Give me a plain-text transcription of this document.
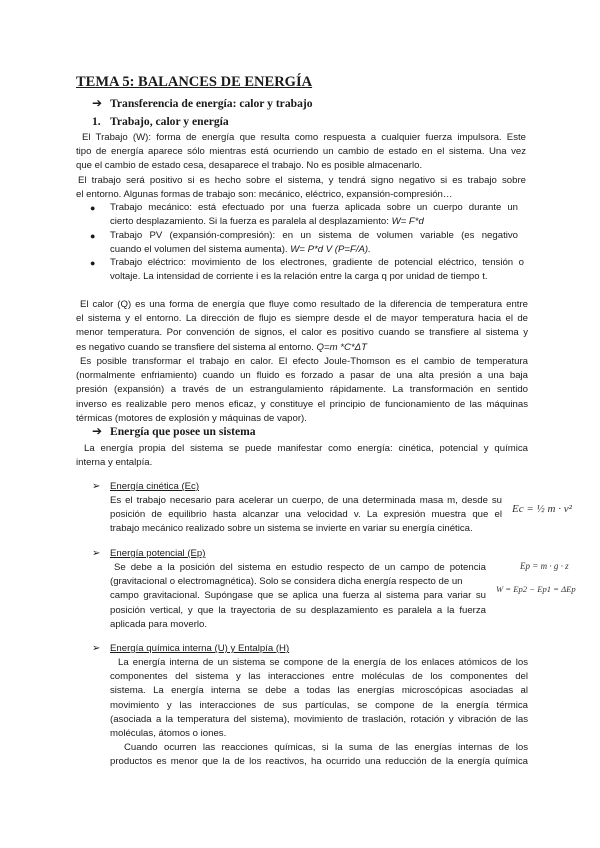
TEMA 5: BALANCES DE ENERGÍA
➔ Transferencia de energía: calor y trabajo
1. Trabajo, calor y energía
El Trabajo (W): forma de energía que resulta como respuesta a cualquier fuerza impulsora. Este
tipo de energía aparece sólo mientras está ocurriendo un cambio de estado en el sistema. Una vez
que el cambio de estado cesa, desaparece el trabajo. No es posible almacenarlo.
El trabajo será positivo si es hecho sobre el sistema, y tendrá signo negativo si es trabajo sobre
el entorno. Algunas formas de trabajo son: mecánico, eléctrico, expansión-compresión…
● Trabajo mecánico: está efectuado por una fuerza aplicada sobre un cuerpo durante un
cierto desplazamiento. Si la fuerza es paralela al desplazamiento: W= F*d
● Trabajo PV (expansión-compresión): en un sistema de volumen variable (es negativo
cuando el volumen del sistema aumenta). W= P*d V (P=F/A).
● Trabajo eléctrico: movimiento de los electrones, gradiente de potencial eléctrico, tensión o
voltaje. La intensidad de corriente i es la relación entre la carga q por unidad de tiempo t.
El calor (Q) es una forma de energía que fluye como resultado de la diferencia de temperatura entre
el sistema y el entorno. La dirección de flujo es siempre desde el de mayor temperatura hacia el de
menor temperatura. Por convención de signos, el calor es positivo cuando se transfiere al sistema y
es negativo cuando se transfiere del sistema al entorno. Q=m *C*ΔT
Es posible transformar el trabajo en calor. El efecto Joule-Thomson es el cambio de temperatura
(normalmente enfriamiento) cuando un fluido es forzado a pasar de una alta presión a una baja
presión (expansión) a través de un estrangulamiento rápidamente. La transformación en sentido
inverso es realizable pero menos eficaz, y constituye el principio de funcionamiento de las máquinas
térmicas (motores de explosión y máquinas de vapor).
➔ Energía que posee un sistema
La energía propia del sistema se puede manifestar como energía: cinética, potencial y química
interna y entalpía.
➢ Energía cinética (Ec)
Es el trabajo necesario para acelerar un cuerpo, de una determinada masa m, desde su
posición de equilibrio hasta alcanzar una velocidad v. La expresión muestra que el
trabajo mecánico realizado sobre un sistema se invierte en variar su energía cinética.
Ec = ½ m · v²
➢ Energía potencial (Ep)
Se debe a la posición del sistema en estudio respecto de un campo de potencia
(gravitacional o electromagnética). Solo se considera dicha energía respecto de un
campo gravitacional. Supóngase que se aplica una fuerza al sistema para variar su
posición vertical, y que la trayectoria de su desplazamiento es paralela a la fuerza
aplicada para moverlo.
Ep = m · g · z
W = Ep2 − Ep1 = ΔEp
➢ Energía química interna (U) y Entalpía (H)
La energía interna de un sistema se compone de la energía de los enlaces atómicos de los
componentes del sistema y las interacciones entre moléculas de los componentes del
sistema. La energía interna se debe a todas las energías microscópicas asociadas al
movimiento y las interacciones de sus partículas, se compone de la energía térmica
(asociada a la temperatura del sistema), movimiento de traslación, rotación y vibración de las
moléculas, átomos o iones.
Cuando ocurren las reacciones químicas, si la suma de las energías internas de los
productos es menor que la de los reactivos, ha ocurrido una reducción de la energía química
